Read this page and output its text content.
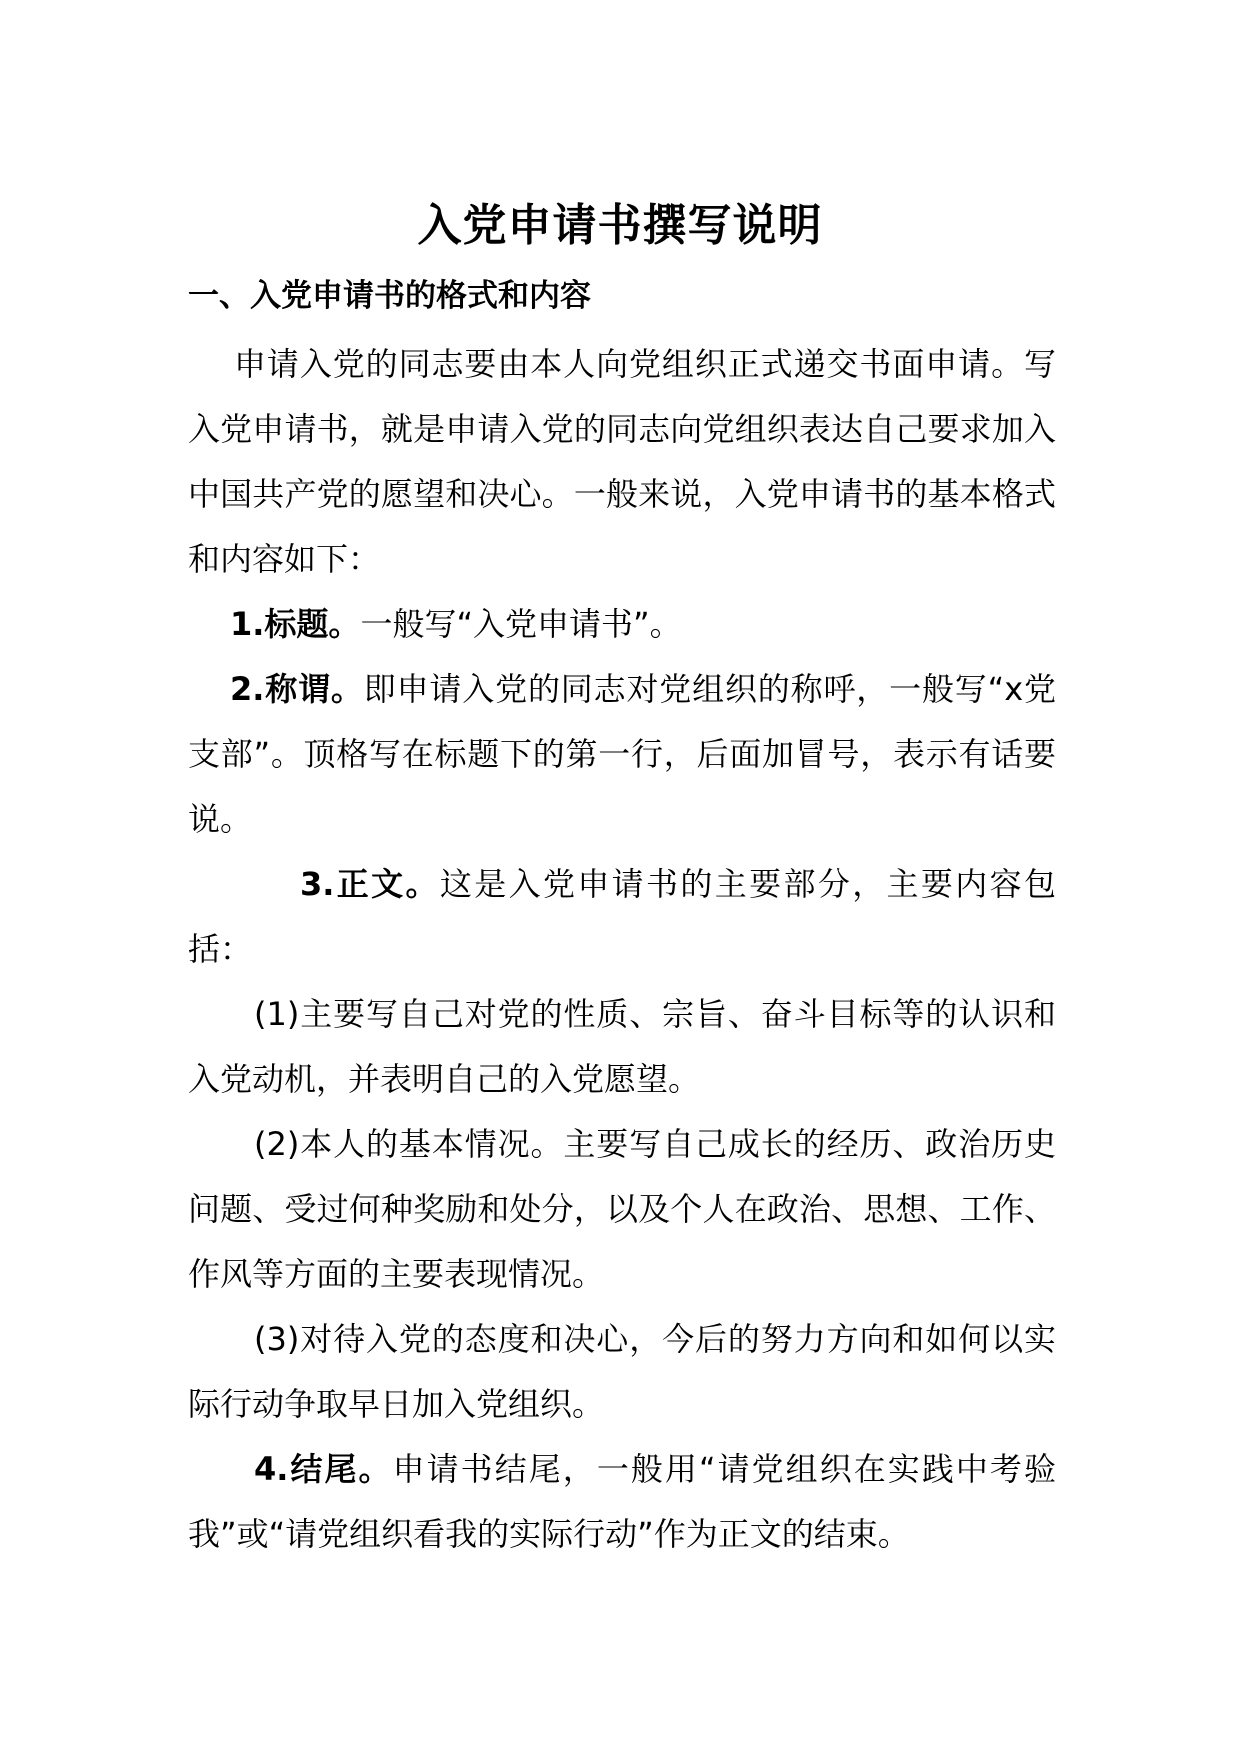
入党申请书撰写说明
一、入党申请书的格式和内容

申请入党的同志要由本人向党组织正式递交书面申请。写入党申请书，就是申请入党的同志向党组织表达自己要求加入中国共产党的愿望和决心。一般来说，入党申请书的基本格式和内容如下：

1.标题。一般写“入党申请书”。

2.称谓。即申请入党的同志对党组织的称呼，一般写“x党支部”。顶格写在标题下的第一行，后面加冒号，表示有话要说。

3.正文。这是入党申请书的主要部分，主要内容包括：

(1)主要写自己对党的性质、宗旨、奋斗目标等的认识和入党动机，并表明自己的入党愿望。

(2)本人的基本情况。主要写自己成长的经历、政治历史问题、受过何种奖励和处分，以及个人在政治、思想、工作、作风等方面的主要表现情况。

(3)对待入党的态度和决心，今后的努力方向和如何以实际行动争取早日加入党组织。

4.结尾。申请书结尾，一般用“请党组织在实践中考验我”或“请党组织看我的实际行动”作为正文的结束。
